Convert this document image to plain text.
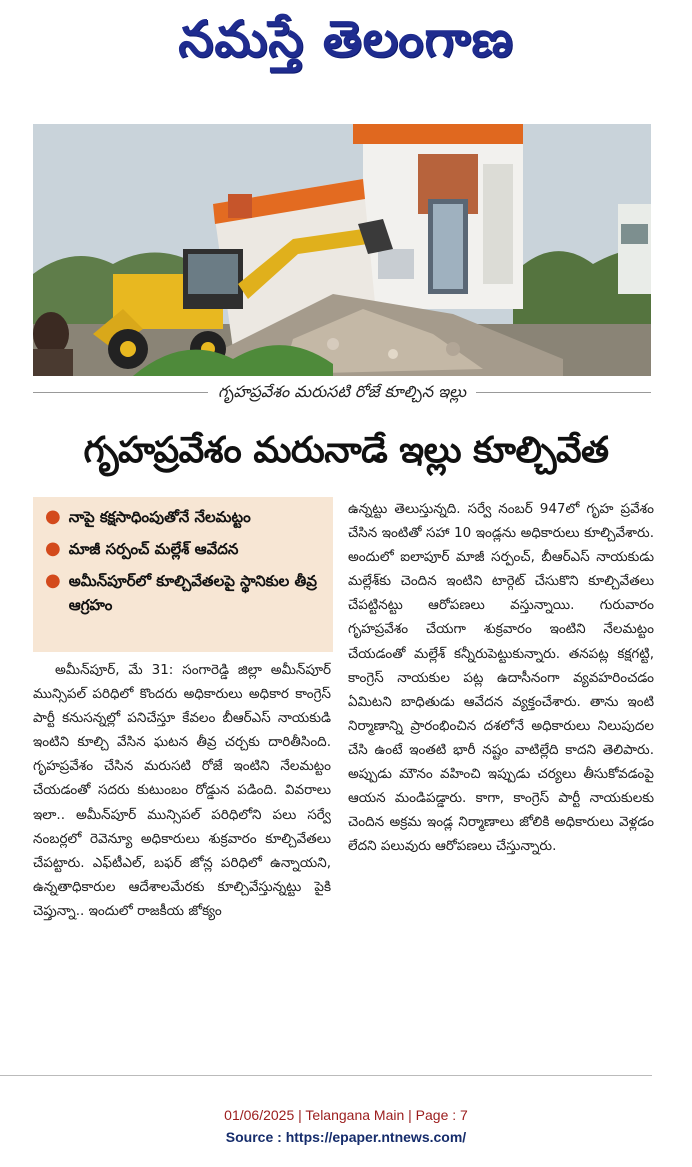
నమస్తే తెలంగాణ
గృహప్రవేశం మరుసటి రోజే కూల్చిన ఇల్లు
గృహప్రవేశం మరునాడే ఇల్లు కూల్చివేత
● నాపై కక్షసాధింపుతోనే నేలమట్టం
● మాజీ సర్పంచ్ మల్లేశ్ ఆవేదన
● అమీన్‌పూర్‌లో కూల్చివేతలపై స్థానికుల తీవ్ర ఆగ్రహం
అమీన్‌పూర్, మే 31: సంగారెడ్డి జిల్లా అమీన్‌పూర్ మున్సిపల్ పరిధిలో కొందరు అధికారులు అధికార కాంగ్రెస్ పార్టీ కనుసన్నల్లో పనిచేస్తూ కేవలం బీఆర్‌ఎస్ నాయకుడి ఇంటిని కూల్చి వేసిన ఘటన తీవ్ర చర్చకు దారితీసింది. గృహప్రవేశం చేసిన మరుసటి రోజే ఇంటిని నేలమట్టం చేయడంతో సదరు కుటుంబం రోడ్డున పడింది. వివరాలు ఇలా.. అమీన్‌పూర్ మున్సిపల్ పరిధిలోని పలు సర్వే నంబర్లలో రెవెన్యూ అధికారులు శుక్రవారం కూల్చివేతలు చేపట్టారు. ఎఫ్‌టీఎల్, బఫర్ జోన్ల పరిధిలో ఉన్నాయని, ఉన్నతాధికారుల ఆదేశాలమేరకు కూల్చివేస్తున్నట్టు పైకి చెప్తున్నా.. ఇందులో రాజకీయ జోక్యం
ఉన్నట్టు తెలుస్తున్నది. సర్వే నంబర్ 947లో గృహ ప్రవేశం చేసిన ఇంటితో సహా 10 ఇండ్లను అధికారులు కూల్చివేశారు. అందులో ఐలాపూర్ మాజీ సర్పంచ్, బీఆర్‌ఎస్ నాయకుడు మల్లేశ్‌కు చెందిన ఇంటిని టార్గెట్ చేసుకొని కూల్చివేతలు చేపట్టినట్టు ఆరోపణలు వస్తున్నాయి. గురువారం గృహప్రవేశం చేయగా శుక్రవారం ఇంటిని నేలమట్టం చేయడంతో మల్లేశ్ కన్నీరుపెట్టుకున్నారు. తనపట్ల కక్షగట్టి, కాంగ్రెస్ నాయకుల పట్ల ఉదాసీనంగా వ్యవహరించడం ఏమిటని బాధితుడు ఆవేదన వ్యక్తంచేశారు. తాను ఇంటి నిర్మాణాన్ని ప్రారంభించిన దశలోనే అధికారులు నిలుపుదల చేసి ఉంటే ఇంతటి భారీ నష్టం వాటిల్లేది కాదని తెలిపారు. అప్పుడు మౌనం వహించి ఇప్పుడు చర్యలు తీసుకోవడంపై ఆయన మండిపడ్డారు. కాగా, కాంగ్రెస్ పార్టీ నాయకులకు చెందిన అక్రమ ఇండ్ల నిర్మాణాలు జోలికి అధికారులు వెళ్లడం లేదని పలువురు ఆరోపణలు చేస్తున్నారు.
01/06/2025 | Telangana Main | Page : 7
Source : https://epaper.ntnews.com/
